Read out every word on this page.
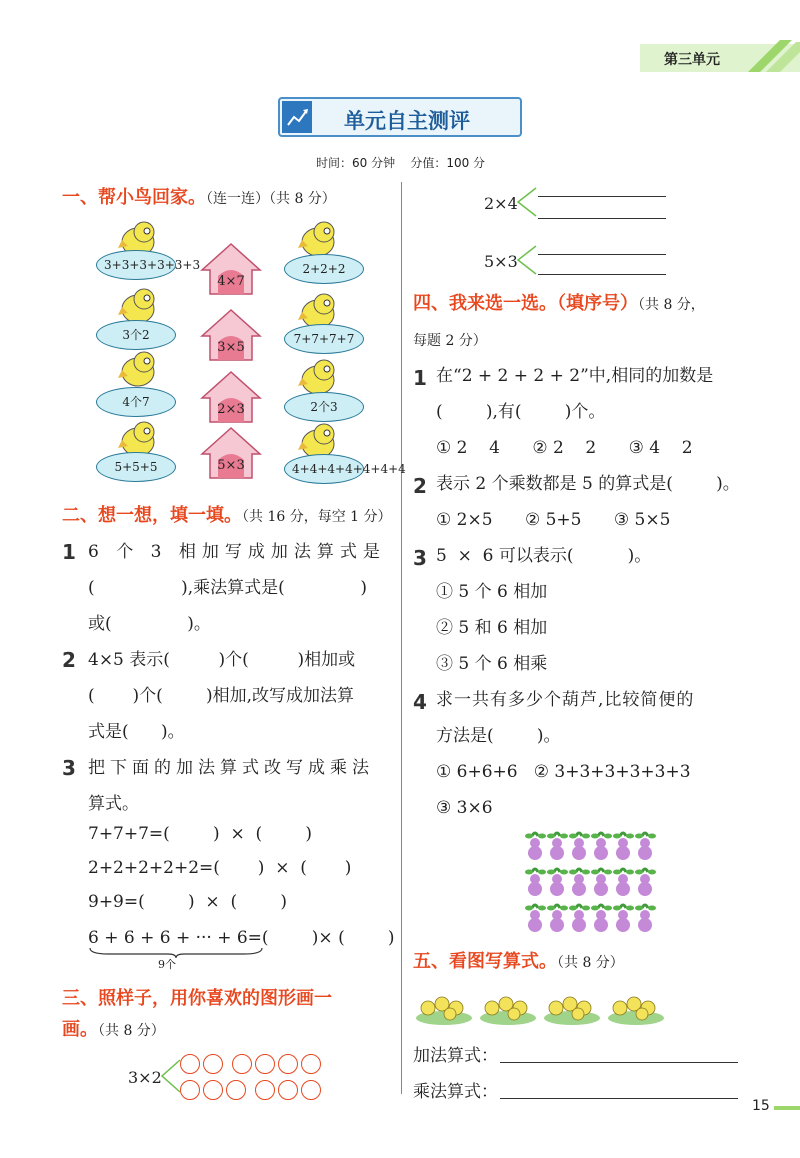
第三单元
单元自主测评
时间：60 分钟    分值：100 分
一、帮小鸟回家。（连一连）（共 8 分）
3+3+3+3+3+3
3个2
4个7
5+5+5
4×7
3×5
2×3
5×3
2+2+2
7+7+7+7
2个3
4+4+4+4+4+4+4
二、想一想，填一填。（共 16 分，每空 1 分）
1 6 个 3 相加写成加法算式是
(                ),乘法算式是(              )
或(              )。
2 4×5 表示(         )个(         )相加或
(       )个(        )相加,改写成加法算
式是(      )。
3 把下面的加法算式改写成乘法
算式。
7+7+7=(        )  ×  (        )
2+2+2+2+2=(       )  ×  (       )
9+9=(        )  ×  (        )
6 + 6 + 6 + ··· + 6=(        )× (        )
9个
三、照样子，用你喜欢的图形画一
画。（共 8 分）
3×2
2×4
5×3
四、我来选一选。（填序号）（共 8 分，
每题 2 分）
1 在“2 + 2 + 2 + 2”中,相同的加数是
(        ),有(        )个。
① 2    4      ② 2    2      ③ 4    2
2 表示 2 个乘数都是 5 的算式是(        )。
① 2×5      ② 5+5      ③ 5×5
3 5  ×  6 可以表示(          )。
① 5 个 6 相加
② 5 和 6 相加
③ 5 个 6 相乘
4 求一共有多少个葫芦,比较简便的
方法是(        )。
① 6+6+6   ② 3+3+3+3+3+3
③ 3×6
五、看图写算式。（共 8 分）
加法算式：
乘法算式：
15
